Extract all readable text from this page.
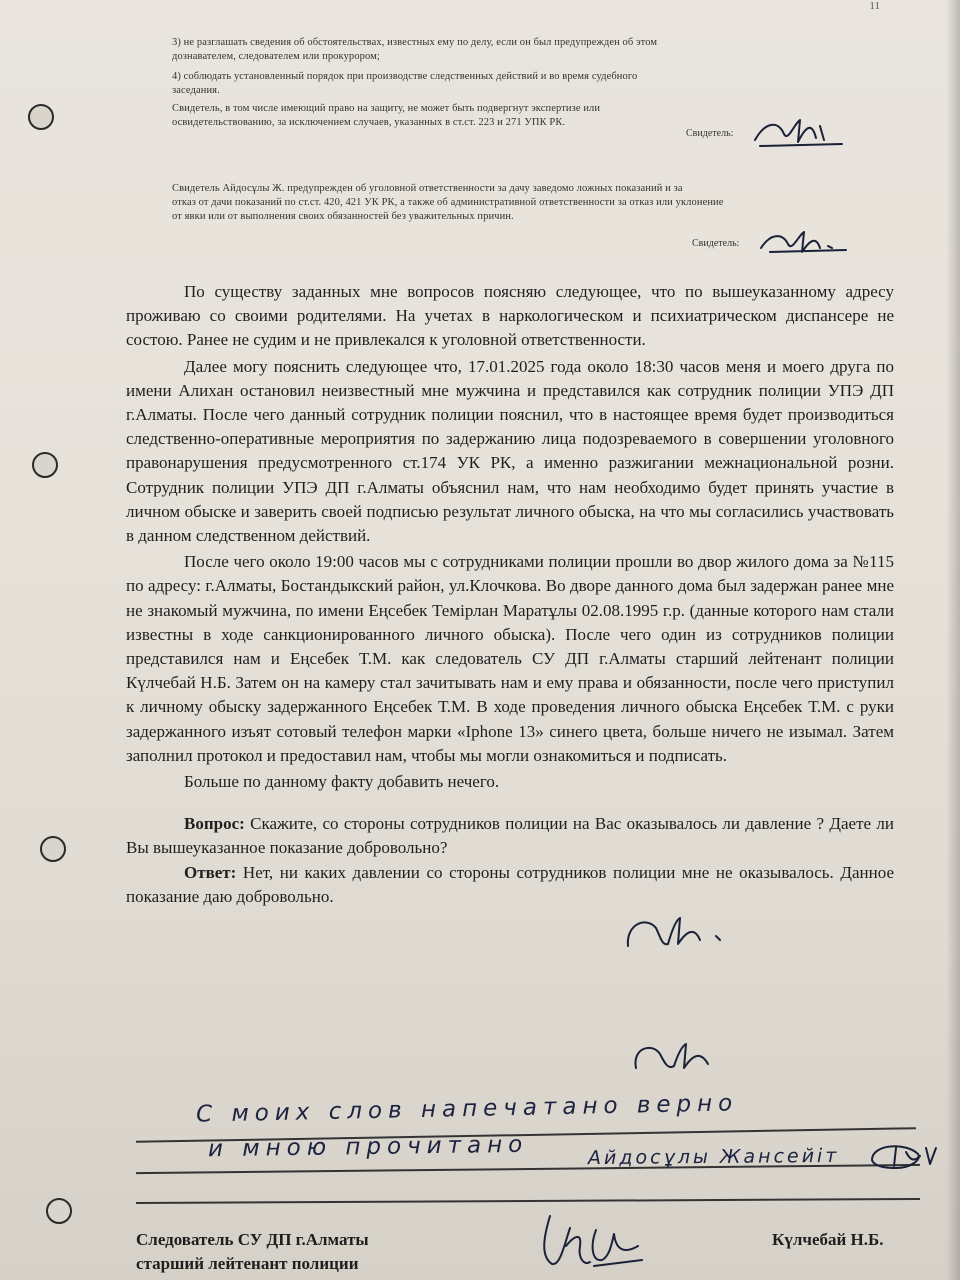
11
3) не разглашать сведения об обстоятельствах, известных ему по делу, если он был предупрежден об этом
дознавателем, следователем или прокурором;
4) соблюдать установленный порядок при производстве следственных действий и во время судебного
заседания.
Свидетель, в том числе имеющий право на защиту, не может быть подвергнут экспертизе или
освидетельствованию, за исключением случаев, указанных в ст.ст. 223 и 271 УПК РК.
Свидетель:
Свидетель Айдосұлы Ж. предупрежден об уголовной ответственности за дачу заведомо ложных показаний и за
отказ от дачи показаний по ст.ст. 420, 421 УК РК, а также об административной ответственности за отказ или уклонение
от явки или от выполнения своих обязанностей без уважительных причин.
Свидетель:

По существу заданных мне вопросов поясняю следующее, что по вышеуказанному адресу проживаю со своими родителями. На учетах в наркологическом и психиатрическом диспансере не состою. Ранее не судим и не привлекался к уголовной ответственности.

Далее могу пояснить следующее что, 17.01.2025 года около 18:30 часов меня и моего друга по имени Алихан остановил неизвестный мне мужчина и представился как сотрудник полиции УПЭ ДП г.Алматы. После чего данный сотрудник полиции пояснил, что в настоящее время будет производиться следственно-оперативные мероприятия по задержанию лица подозреваемого в совершении уголовного правонарушения предусмотренного ст.174 УК РК, а именно разжигании межнациональной розни. Сотрудник полиции УПЭ ДП г.Алматы объяснил нам, что нам необходимо будет принять участие в личном обыске и заверить своей подписью результат личного обыска, на что мы согласились участвовать в данном следственном действий.

После чего около 19:00 часов мы с сотрудниками полиции прошли во двор жилого дома за №115 по адресу: г.Алматы, Бостандыкский район, ул.Клочкова. Во дворе данного дома был задержан ранее мне не знакомый мужчина, по имени Еңсебек Темірлан Маратұлы 02.08.1995 г.р. (данные которого нам стали известны в ходе санкционированного личного обыска). После чего один из сотрудников полиции представился нам и Еңсебек Т.М. как следователь СУ ДП г.Алматы старший лейтенант полиции Күлчебай Н.Б. Затем он на камеру стал зачитывать нам и ему права и обязанности, после чего приступил к личному обыску задержанного Еңсебек Т.М. В ходе проведения личного обыска Еңсебек Т.М. с руки задержанного изъят сотовый телефон марки «Iphone 13» синего цвета, больше ничего не изымал. Затем заполнил протокол и предоставил нам, чтобы мы могли ознакомиться и подписать.

Больше по данному факту добавить нечего.

Вопрос: Скажите, со стороны сотрудников полиции на Вас оказывалось ли давление ? Даете ли Вы вышеуказанное показание добровольно?

Ответ: Нет, ни каких давлении со стороны сотрудников полиции мне не оказывалось. Данное показание даю добровольно.

С моих слов напечатано верно
и мною прочитано	Айдосұлы Жансейіт
Следователь СУ ДП г.Алматы
старший лейтенант полиции
Күлчебай Н.Б.
